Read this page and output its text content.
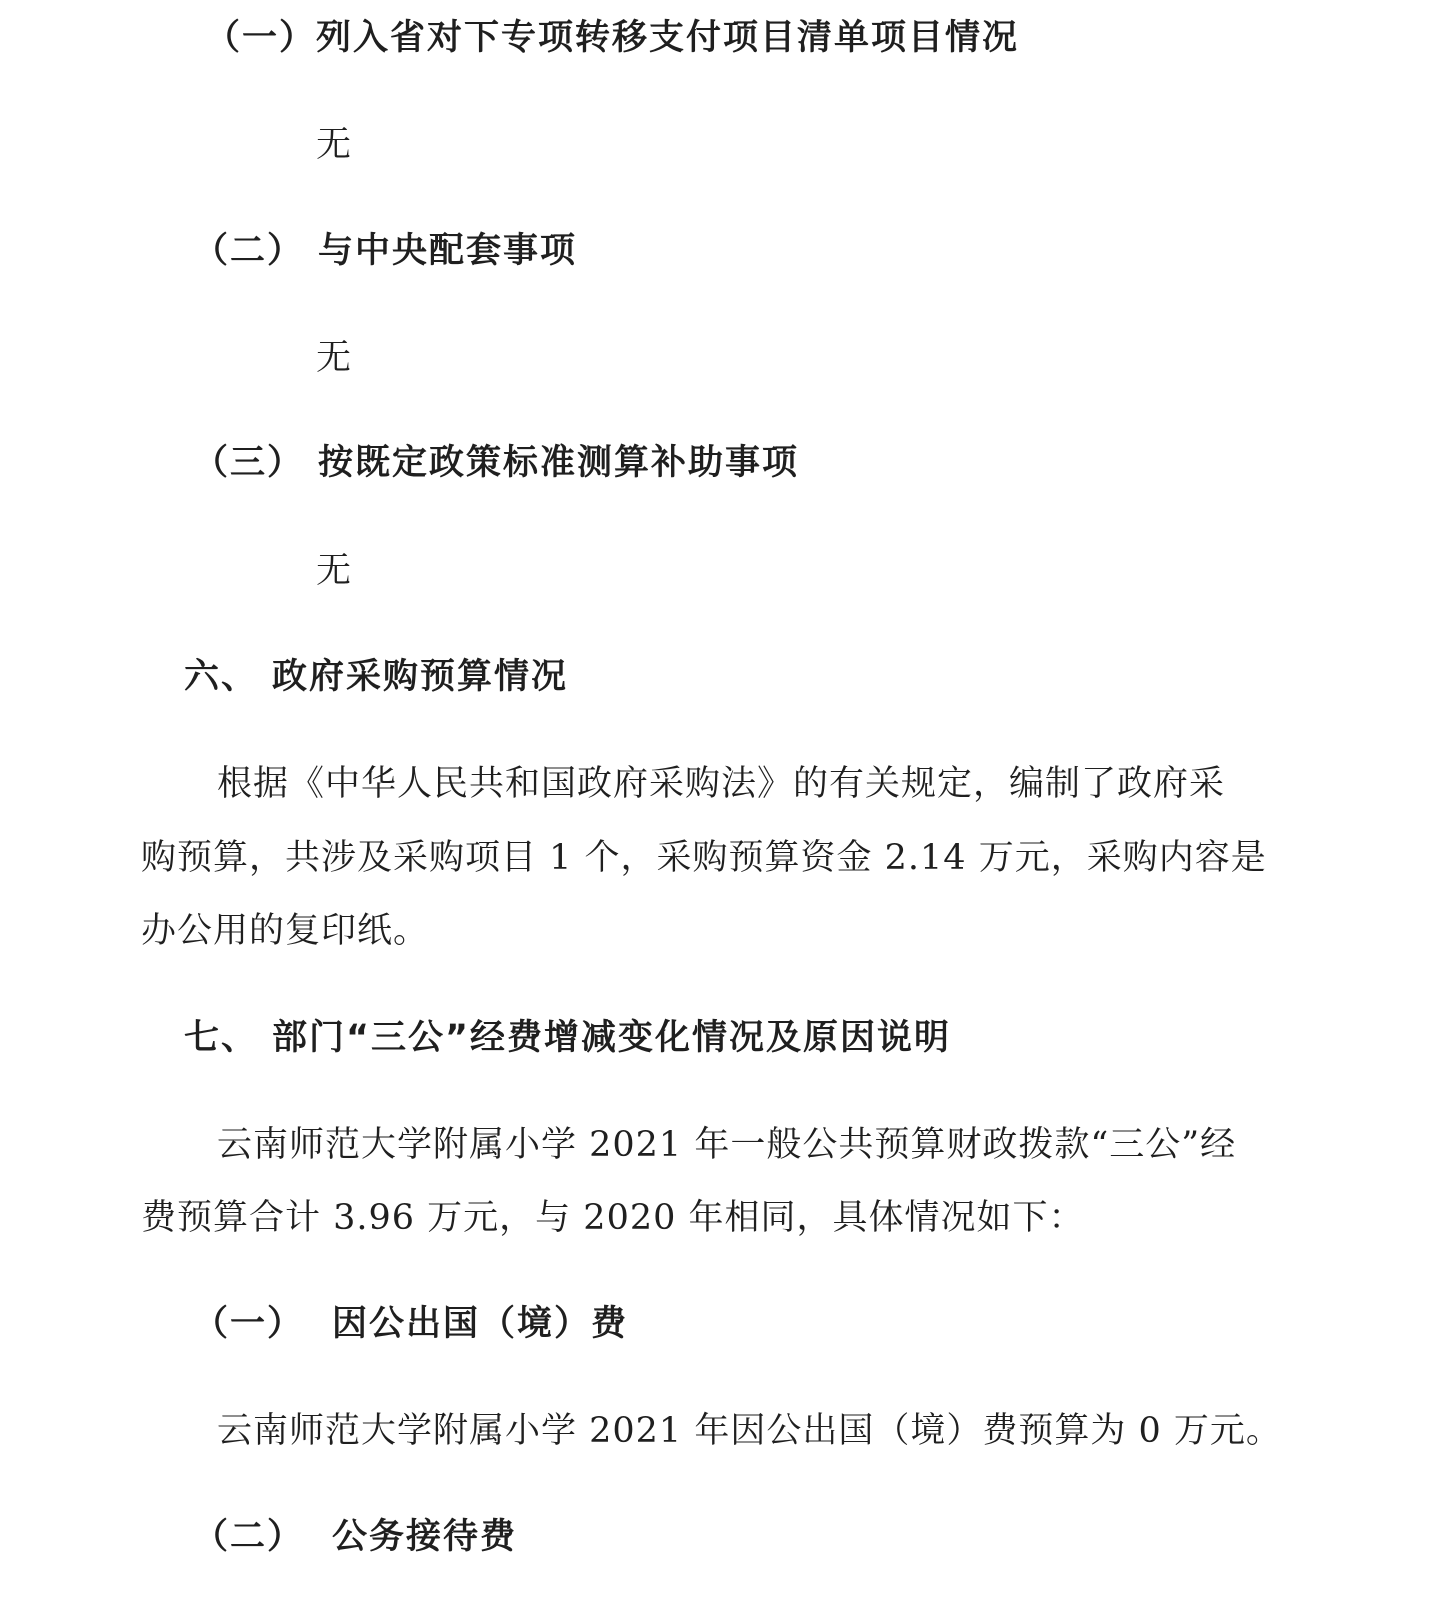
（一）列入省对下专项转移支付项目清单项目情况
无
（二） 与中央配套事项
无
（三） 按既定政策标准测算补助事项
无
六、 政府采购预算情况
根据《中华人民共和国政府采购法》的有关规定，编制了政府采
购预算，共涉及采购项目 1 个，采购预算资金 2.14 万元，采购内容是
办公用的复印纸。
七、 部门“三公”经费增减变化情况及原因说明
云南师范大学附属小学 2021 年一般公共预算财政拨款“三公”经
费预算合计 3.96 万元，与 2020 年相同，具体情况如下：
（一） 因公出国（境）费
云南师范大学附属小学 2021 年因公出国（境）费预算为 0 万元。
（二） 公务接待费
